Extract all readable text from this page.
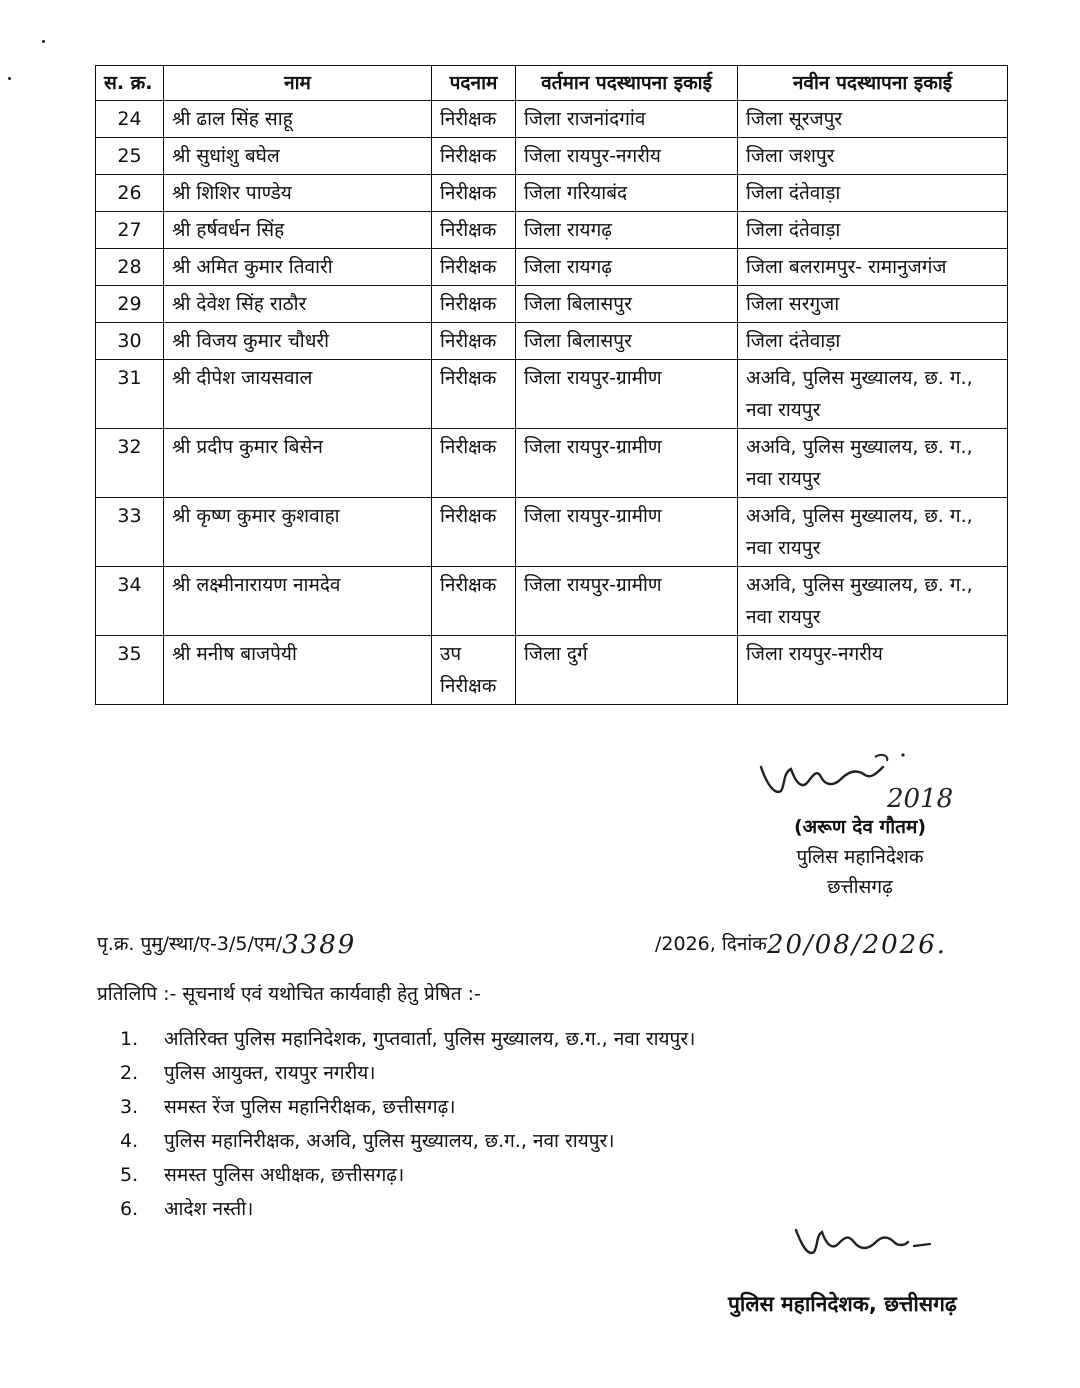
स. क्र.	नाम	पदनाम	वर्तमान पदस्थापना इकाई	नवीन पदस्थापना इकाई
24	श्री ढाल सिंह साहू	निरीक्षक	जिला राजनांदगांव	जिला सूरजपुर
25	श्री सुधांशु बघेल	निरीक्षक	जिला रायपुर-नगरीय	जिला जशपुर
26	श्री शिशिर पाण्डेय	निरीक्षक	जिला गरियाबंद	जिला दंतेवाड़ा
27	श्री हर्षवर्धन सिंह	निरीक्षक	जिला रायगढ़	जिला दंतेवाड़ा
28	श्री अमित कुमार तिवारी	निरीक्षक	जिला रायगढ़	जिला बलरामपुर- रामानुजगंज
29	श्री देवेश सिंह राठौर	निरीक्षक	जिला बिलासपुर	जिला सरगुजा
30	श्री विजय कुमार चौधरी	निरीक्षक	जिला बिलासपुर	जिला दंतेवाड़ा
31	श्री दीपेश जायसवाल	निरीक्षक	जिला रायपुर-ग्रामीण	अअवि, पुलिस मुख्यालय, छ. ग., नवा रायपुर
32	श्री प्रदीप कुमार बिसेन	निरीक्षक	जिला रायपुर-ग्रामीण	अअवि, पुलिस मुख्यालय, छ. ग., नवा रायपुर
33	श्री कृष्ण कुमार कुशवाहा	निरीक्षक	जिला रायपुर-ग्रामीण	अअवि, पुलिस मुख्यालय, छ. ग., नवा रायपुर
34	श्री लक्ष्मीनारायण नामदेव	निरीक्षक	जिला रायपुर-ग्रामीण	अअवि, पुलिस मुख्यालय, छ. ग., नवा रायपुर
35	श्री मनीष बाजपेयी	उप निरीक्षक	जिला दुर्ग	जिला रायपुर-नगरीय
2018
(अरूण देव गौतम)
पुलिस महानिदेशक
छत्तीसगढ़
पृ.क्र. पुमु/स्था/ए-3/5/एम/ 3389	/2026, दिनांक 20/08/2026.
प्रतिलिपि :- सूचनार्थ एवं यथोचित कार्यवाही हेतु प्रेषित :-
1. अतिरिक्त पुलिस महानिदेशक, गुप्तवार्ता, पुलिस मुख्यालय, छ.ग., नवा रायपुर।
2. पुलिस आयुक्त, रायपुर नगरीय।
3. समस्त रेंज पुलिस महानिरीक्षक, छत्तीसगढ़।
4. पुलिस महानिरीक्षक, अअवि, पुलिस मुख्यालय, छ.ग., नवा रायपुर।
5. समस्त पुलिस अधीक्षक, छत्तीसगढ़।
6. आदेश नस्ती।
पुलिस महानिदेशक, छत्तीसगढ़
